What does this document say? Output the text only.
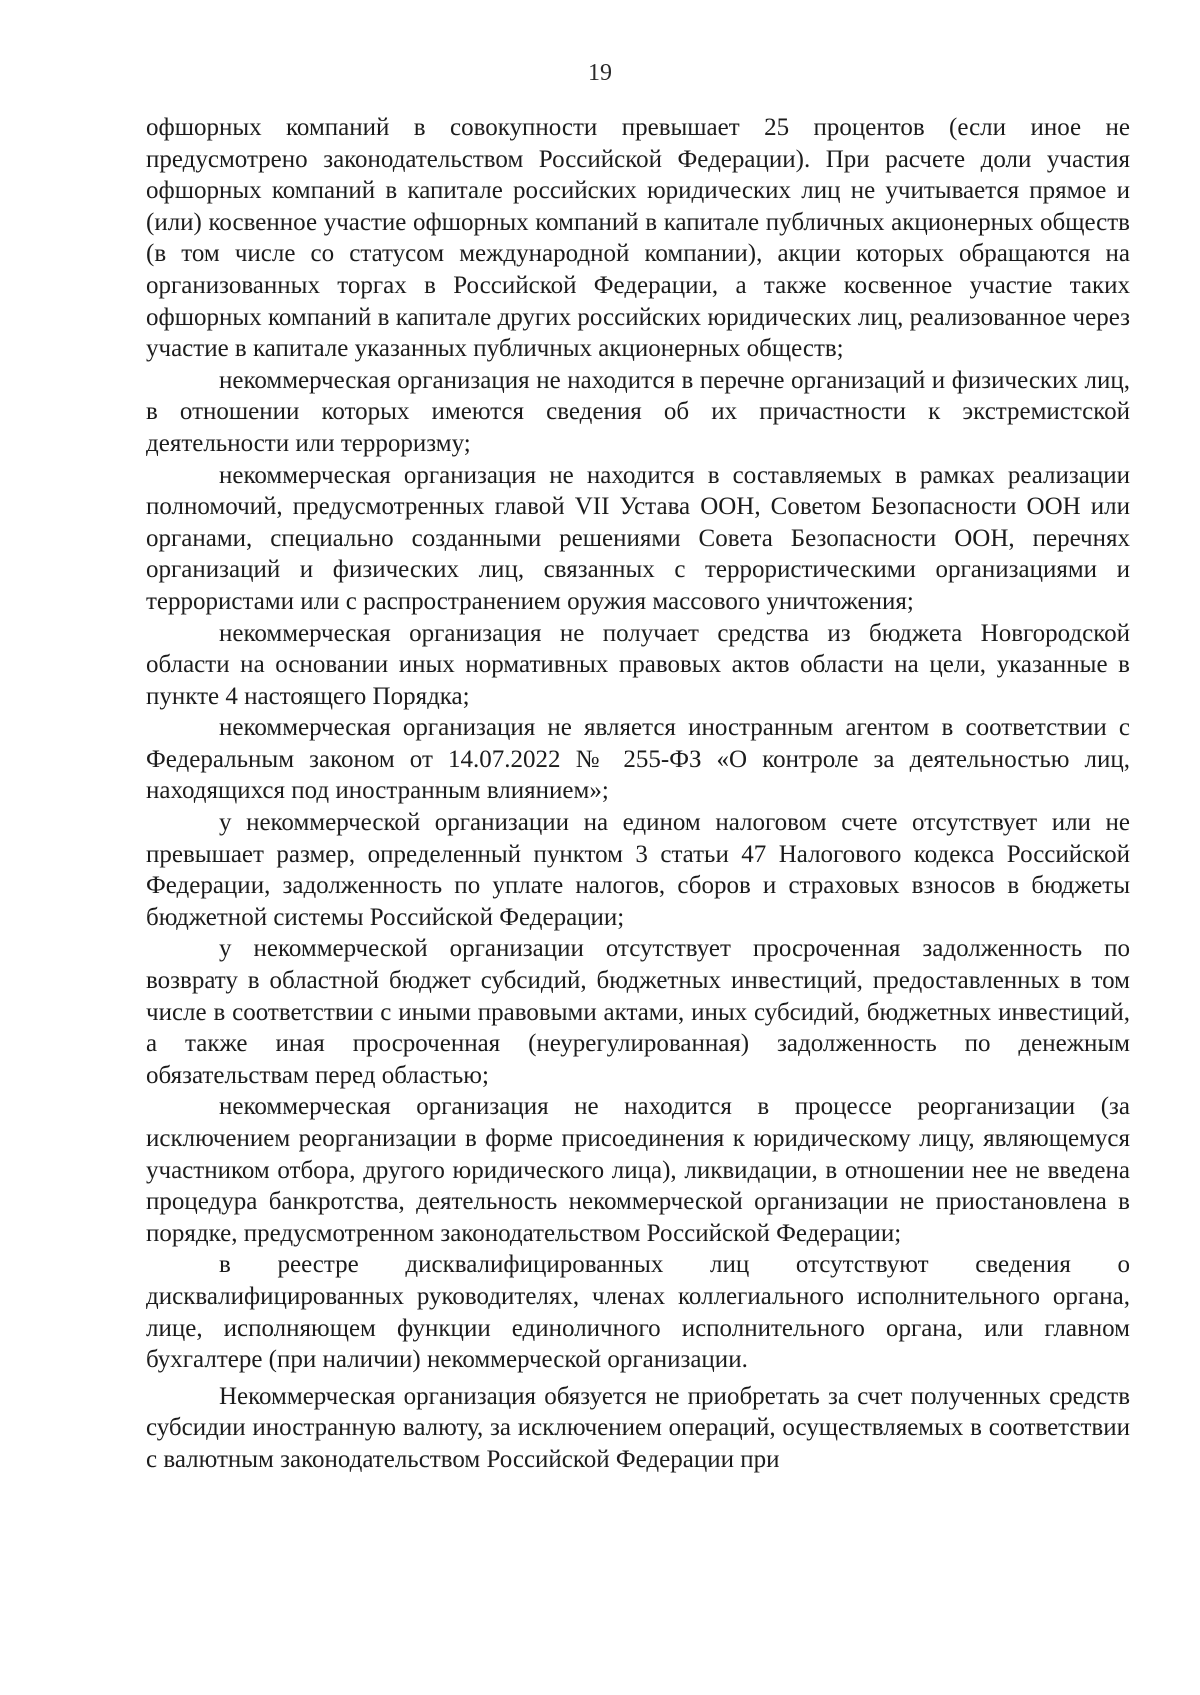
19

офшорных компаний в совокупности превышает 25 процентов (если иное не предусмотрено законодательством Российской Федерации). При расчете доли участия офшорных компаний в капитале российских юридических лиц не учитывается прямое и (или) косвенное участие офшорных компаний в капитале публичных акционерных обществ (в том числе со статусом международной компании), акции которых обращаются на организованных торгах в Российской Федерации, а также косвенное участие таких офшорных компаний в капитале других российских юридических лиц, реализованное через участие в капитале указанных публичных акционерных обществ;

некоммерческая организация не находится в перечне организаций и физических лиц, в отношении которых имеются сведения об их причастности к экстремистской деятельности или терроризму;

некоммерческая организация не находится в составляемых в рамках реализации полномочий, предусмотренных главой VII Устава ООН, Советом Безопасности ООН или органами, специально созданными решениями Совета Безопасности ООН, перечнях организаций и физических лиц, связанных с террористическими организациями и террористами или с распространением оружия массового уничтожения;

некоммерческая организация не получает средства из бюджета Новгородской области на основании иных нормативных правовых актов области на цели, указанные в пункте 4 настоящего Порядка;

некоммерческая организация не является иностранным агентом в соответствии с Федеральным законом от 14.07.2022 № 255-ФЗ «О контроле за деятельностью лиц, находящихся под иностранным влиянием»;

у некоммерческой организации на едином налоговом счете отсутствует или не превышает размер, определенный пунктом 3 статьи 47 Налогового кодекса Российской Федерации, задолженность по уплате налогов, сборов и страховых взносов в бюджеты бюджетной системы Российской Федерации;

у некоммерческой организации отсутствует просроченная задолженность по возврату в областной бюджет субсидий, бюджетных инвестиций, предоставленных в том числе в соответствии с иными правовыми актами, иных субсидий, бюджетных инвестиций, а также иная просроченная (неурегулированная) задолженность по денежным обязательствам перед областью;

некоммерческая организация не находится в процессе реорганизации (за исключением реорганизации в форме присоединения к юридическому лицу, являющемуся участником отбора, другого юридического лица), ликвидации, в отношении нее не введена процедура банкротства, деятельность некоммерческой организации не приостановлена в порядке, предусмотренном законодательством Российской Федерации;

в реестре дисквалифицированных лиц отсутствуют сведения о дисквалифицированных руководителях, членах коллегиального исполнительного органа, лице, исполняющем функции единоличного исполнительного органа, или главном бухгалтере (при наличии) некоммерческой организации.

Некоммерческая организация обязуется не приобретать за счет полученных средств субсидии иностранную валюту, за исключением операций, осуществляемых в соответствии с валютным законодательством Российской Федерации при
